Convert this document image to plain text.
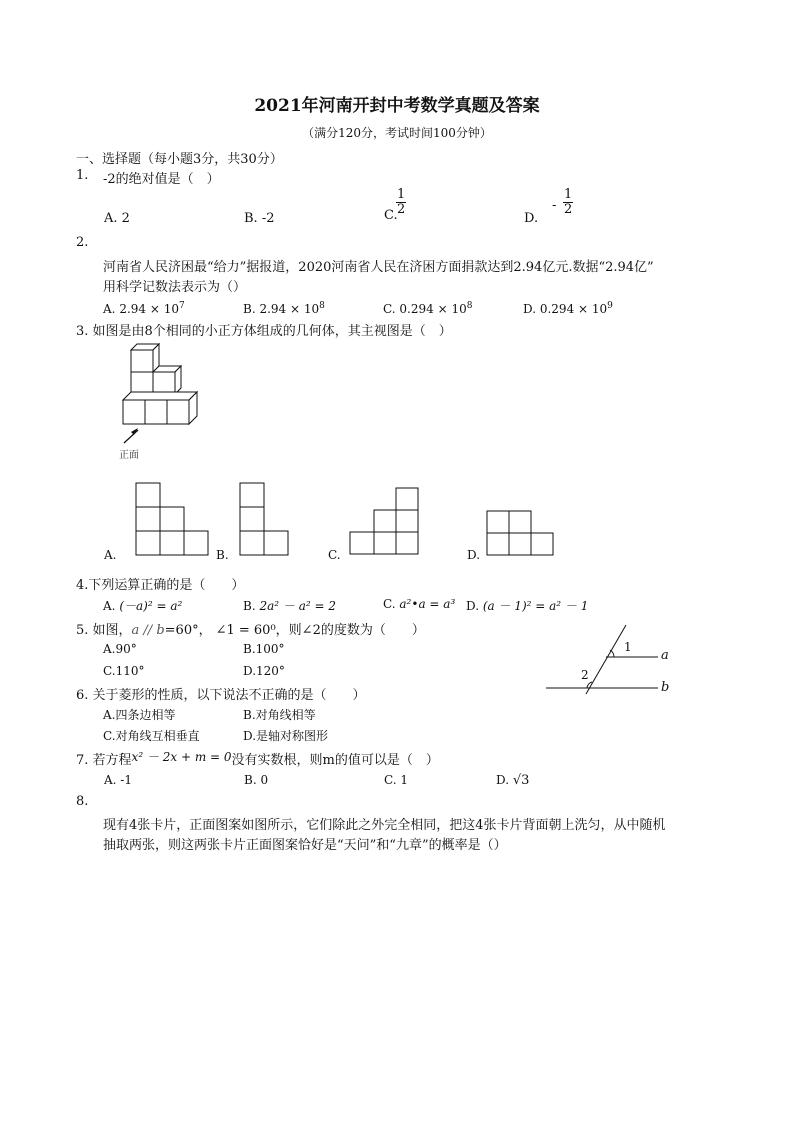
2021年河南开封中考数学真题及答案
（满分120分，考试时间100分钟）
一、选择题（每小题3分，共30分）
1. -2的绝对值是（　）
A. 2	B. -2	C.
$\frac{1}{2}$
D.
- $\frac{1}{2}$
2.
河南省人民济困最“给力”据报道，2020河南省人民在济困方面捐款达到2.94亿元.数据“2.94亿”
用科学记数法表示为（）
A. $2.94 \times 10^7$	B. $2.94 \times 10^8$	C. $0.294 \times 10^8$	D. $0.294 \times 10^9$
3. 如图是由8个相同的小正方体组成的几何体，其主视图是（　）
正面
A.	B.	C.	D.
4.下列运算正确的是（　　）
A. (－a)² = a²	B. 2a² － a² = 2	C. a²•a = a³ D. (a － 1)² = a² － 1
5. 如图，a // b=60°， ∠1 = 60⁰，则∠2的度数为（　　）
A.90°	B.100°
C.110°	D.120°
1
2
a
b
6. 关于菱形的性质，以下说法不正确的是（　　）
A.四条边相等	B.对角线相等
C.对角线互相垂直	D.是轴对称图形
7. 若方程x² － 2x + m = 0没有实数根，则m的值可以是（　）
A. -1	B. 0	C. 1	D. √3
8.
现有4张卡片，正面图案如图所示，它们除此之外完全相同，把这4张卡片背面朝上洗匀，从中随机
抽取两张，则这两张卡片正面图案恰好是“天问”和“九章”的概率是（）
